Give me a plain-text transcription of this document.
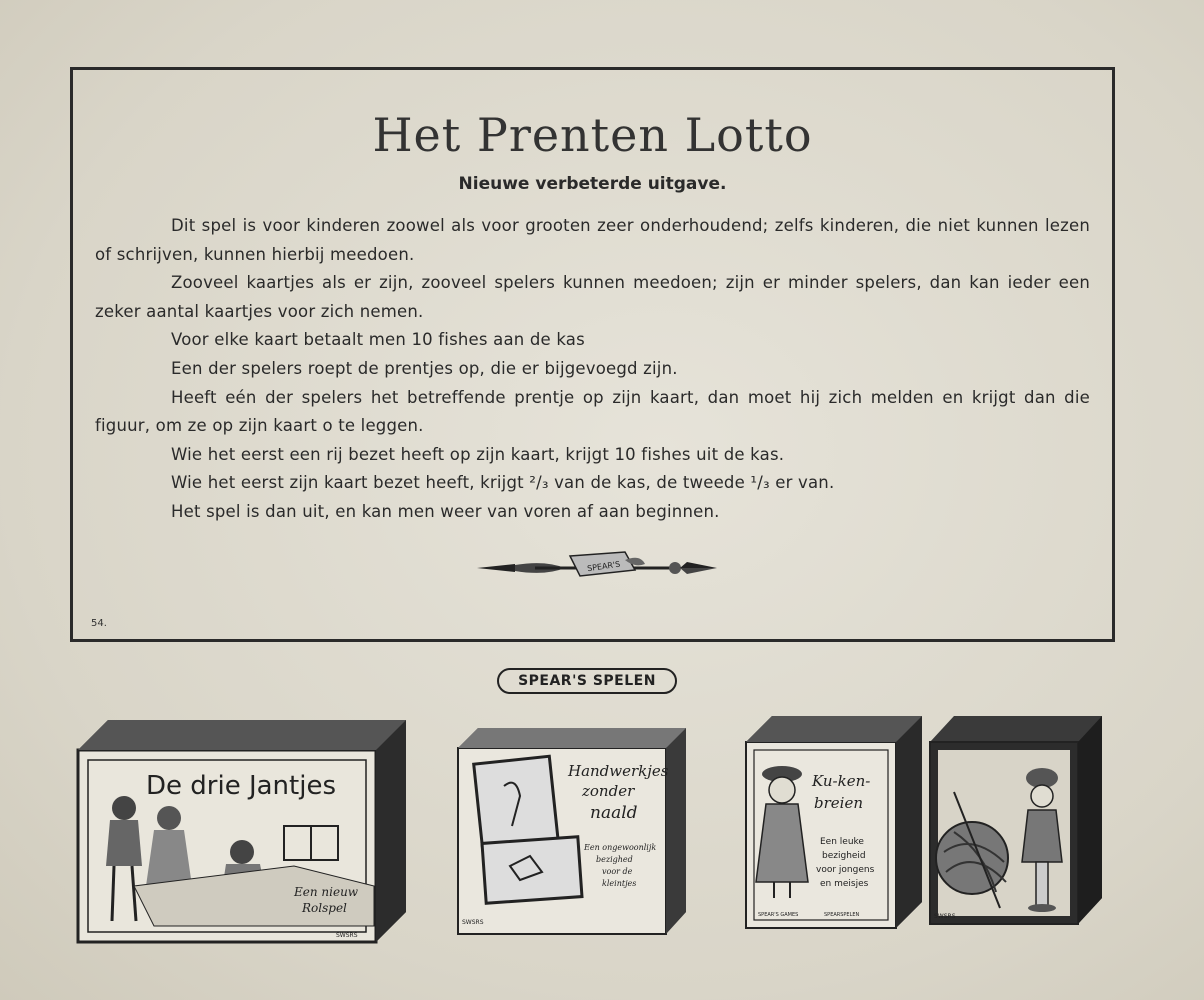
Het Prenten Lotto
Nieuwe verbeterde uitgave.

Dit spel is voor kinderen zoowel als voor grooten zeer onderhoudend; zelfs kinderen, die niet kunnen lezen of schrijven, kunnen hierbij meedoen.

Zooveel kaartjes als er zijn, zooveel spelers kunnen meedoen; zijn er minder spelers, dan kan ieder een zeker aantal kaartjes voor zich nemen.

Voor elke kaart betaalt men 10 fishes aan de kas

Een der spelers roept de prentjes op, die er bijgevoegd zijn.

Heeft eén der spelers het betreffende prentje op zijn kaart, dan moet hij zich melden en krijgt dan die figuur, om ze op zijn kaart o te leggen.

Wie het eerst een rij bezet heeft op zijn kaart, krijgt 10 fishes uit de kas.

Wie het eerst zijn kaart bezet heeft, krijgt ²/₃ van de kas, de tweede ¹/₃ er van.

Het spel is dan uit, en kan men weer van voren af aan beginnen.

SPEAR'S
54.
SPEAR'S SPELEN
De drie Jantjes
Een nieuw
Rolspel
SWSRS
Handwerkjes
zonder
naald
Een ongewoonlijk
bezighed
voor de
kleintjes
SWSRS
Ku-ken-
breien
Een leuke
bezigheid
voor jongens
en meisjes
SPEAR'S GAMES	SPEARSPELEN	SWSRS
